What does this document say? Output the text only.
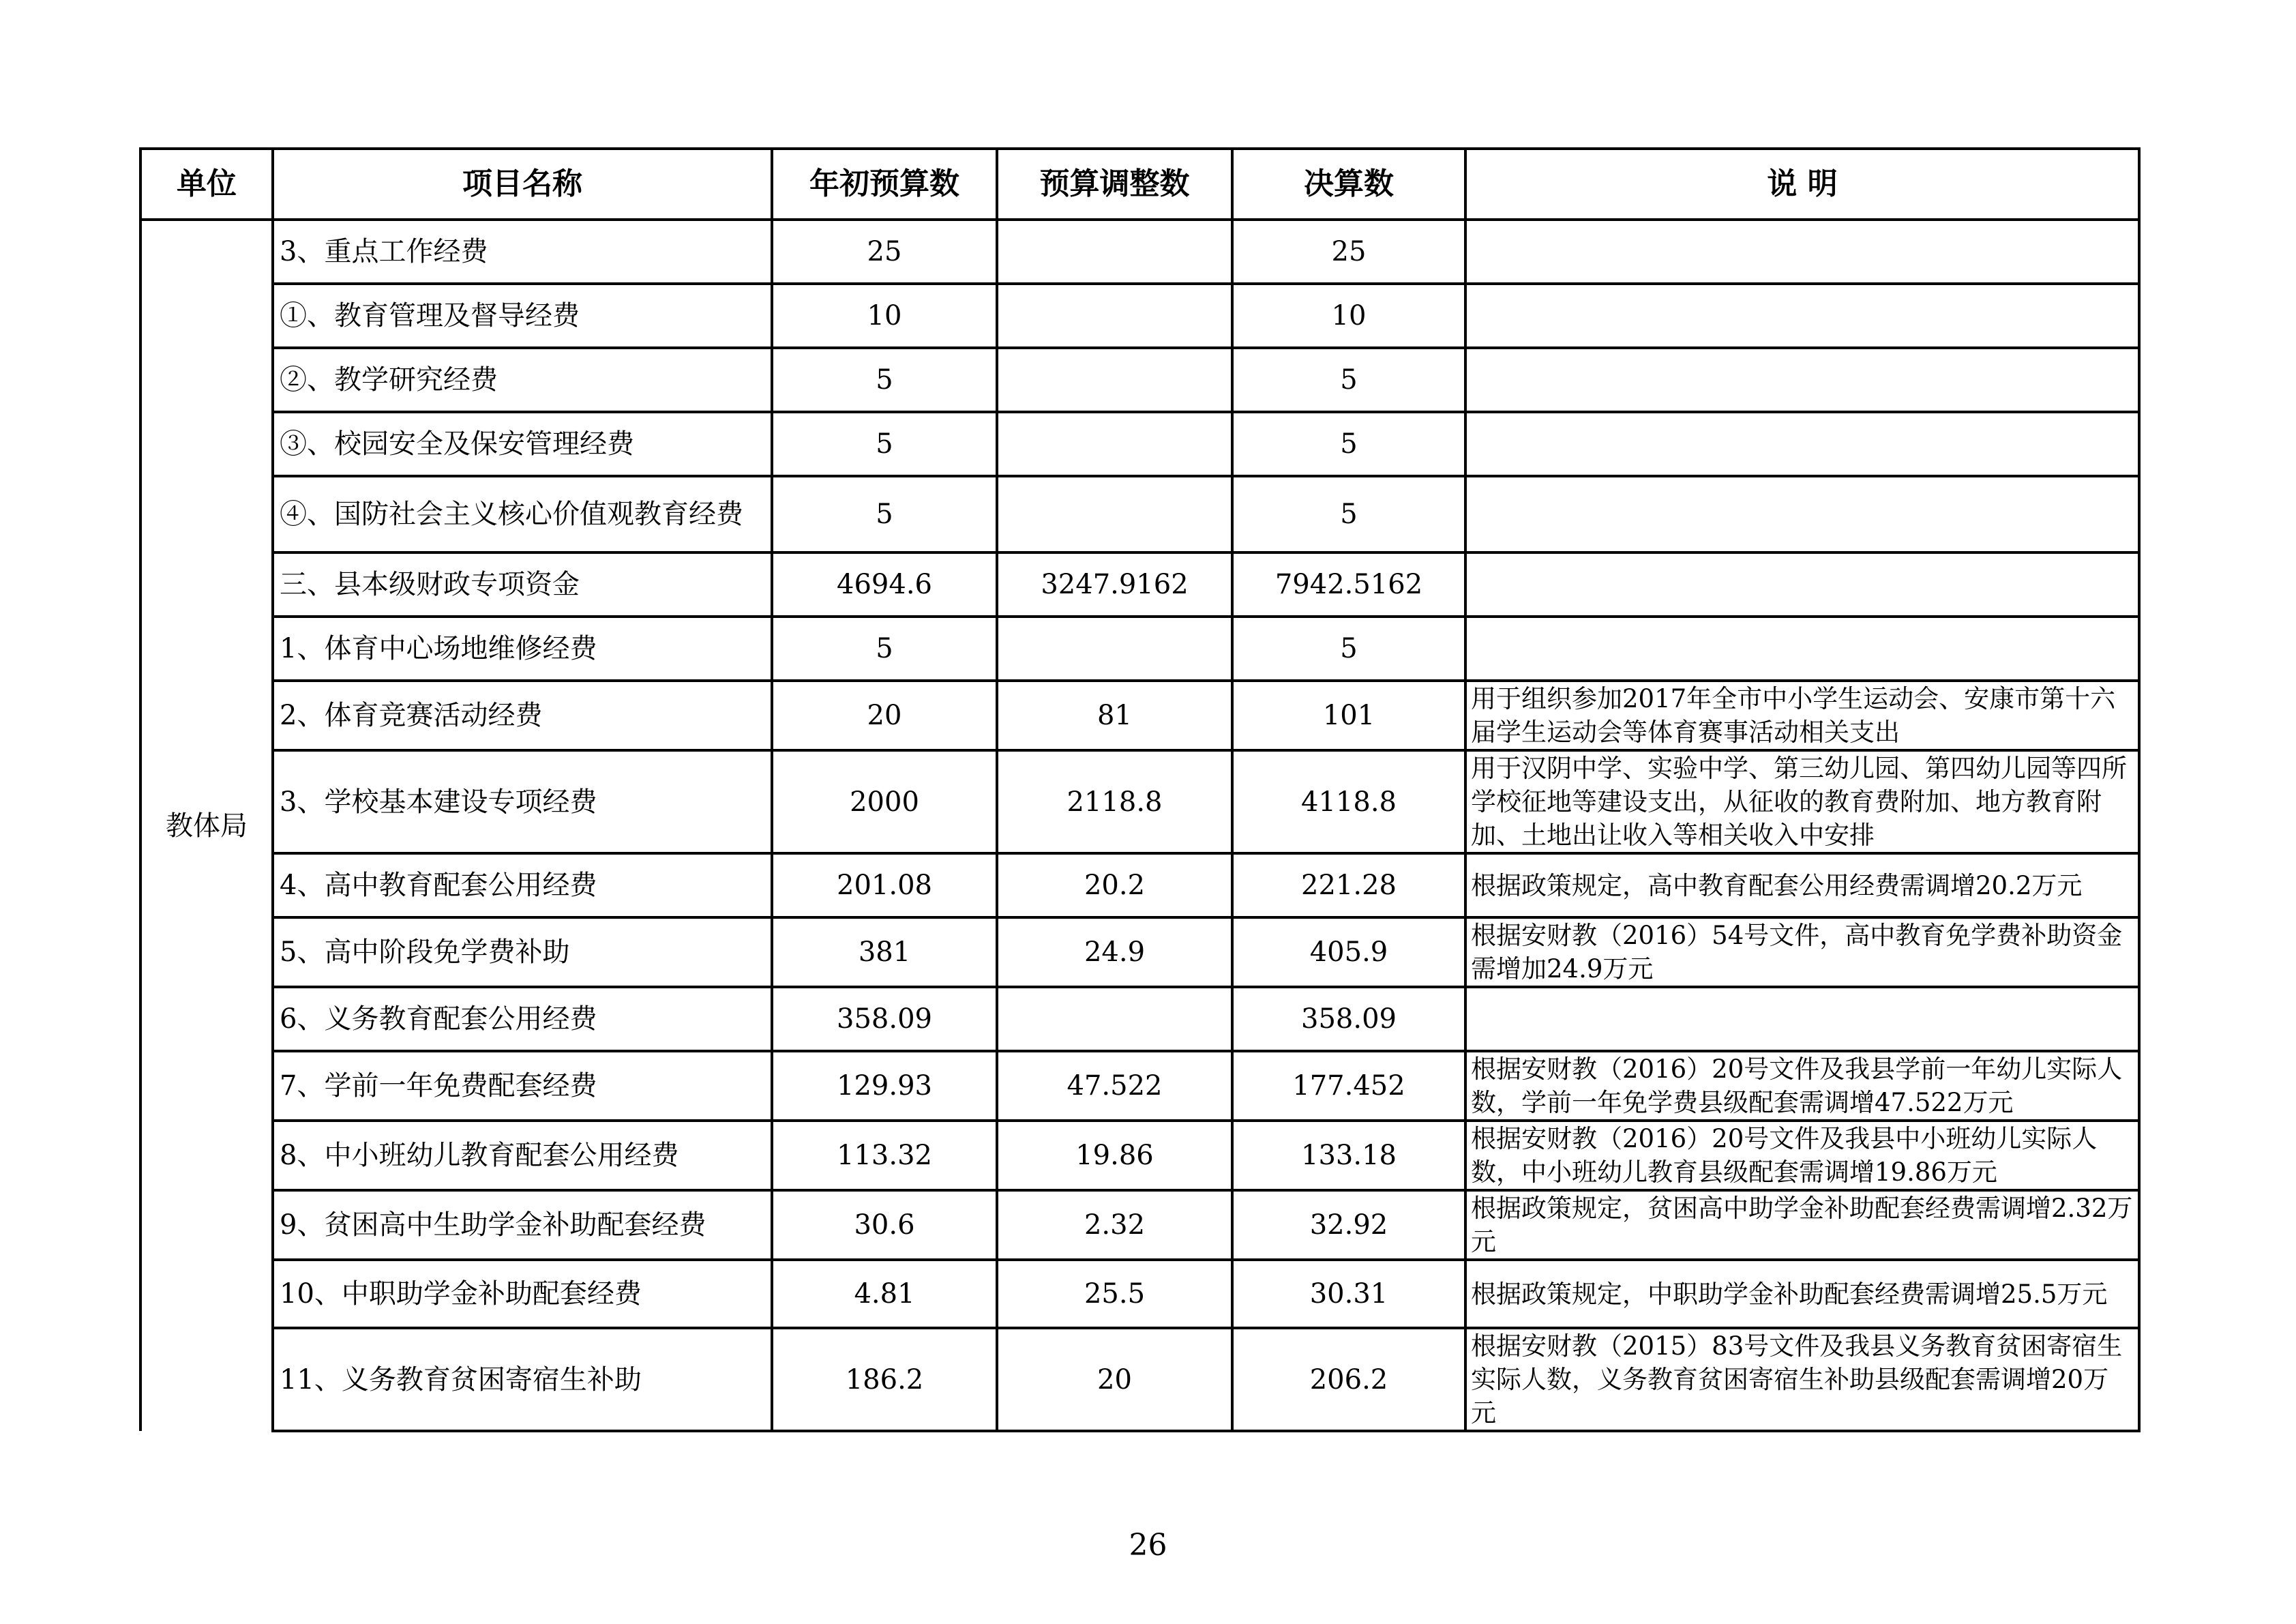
单位	项目名称	年初预算数	预算调整数	决算数	说 明
教体局	3、重点工作经费	25		25	
	①、教育管理及督导经费	10		10	
	②、教学研究经费	5		5	
	③、校园安全及保安管理经费	5		5	
	④、国防社会主义核心价值观教育经费	5		5	
	三、县本级财政专项资金	4694.6	3247.9162	7942.5162	
	1、体育中心场地维修经费	5		5	
	2、体育竞赛活动经费	20	81	101	用于组织参加2017年全市中小学生运动会、安康市第十六届学生运动会等体育赛事活动相关支出
	3、学校基本建设专项经费	2000	2118.8	4118.8	用于汉阴中学、实验中学、第三幼儿园、第四幼儿园等四所学校征地等建设支出，从征收的教育费附加、地方教育附加、土地出让收入等相关收入中安排
	4、高中教育配套公用经费	201.08	20.2	221.28	根据政策规定，高中教育配套公用经费需调增20.2万元
	5、高中阶段免学费补助	381	24.9	405.9	根据安财教（2016）54号文件，高中教育免学费补助资金需增加24.9万元
	6、义务教育配套公用经费	358.09		358.09	
	7、学前一年免费配套经费	129.93	47.522	177.452	根据安财教（2016）20号文件及我县学前一年幼儿实际人数，学前一年免学费县级配套需调增47.522万元
	8、中小班幼儿教育配套公用经费	113.32	19.86	133.18	根据安财教（2016）20号文件及我县中小班幼儿实际人数，中小班幼儿教育县级配套需调增19.86万元
	9、贫困高中生助学金补助配套经费	30.6	2.32	32.92	根据政策规定，贫困高中助学金补助配套经费需调增2.32万元
	10、中职助学金补助配套经费	4.81	25.5	30.31	根据政策规定，中职助学金补助配套经费需调增25.5万元
	11、义务教育贫困寄宿生补助	186.2	20	206.2	根据安财教（2015）83号文件及我县义务教育贫困寄宿生实际人数，义务教育贫困寄宿生补助县级配套需调增20万元
26
